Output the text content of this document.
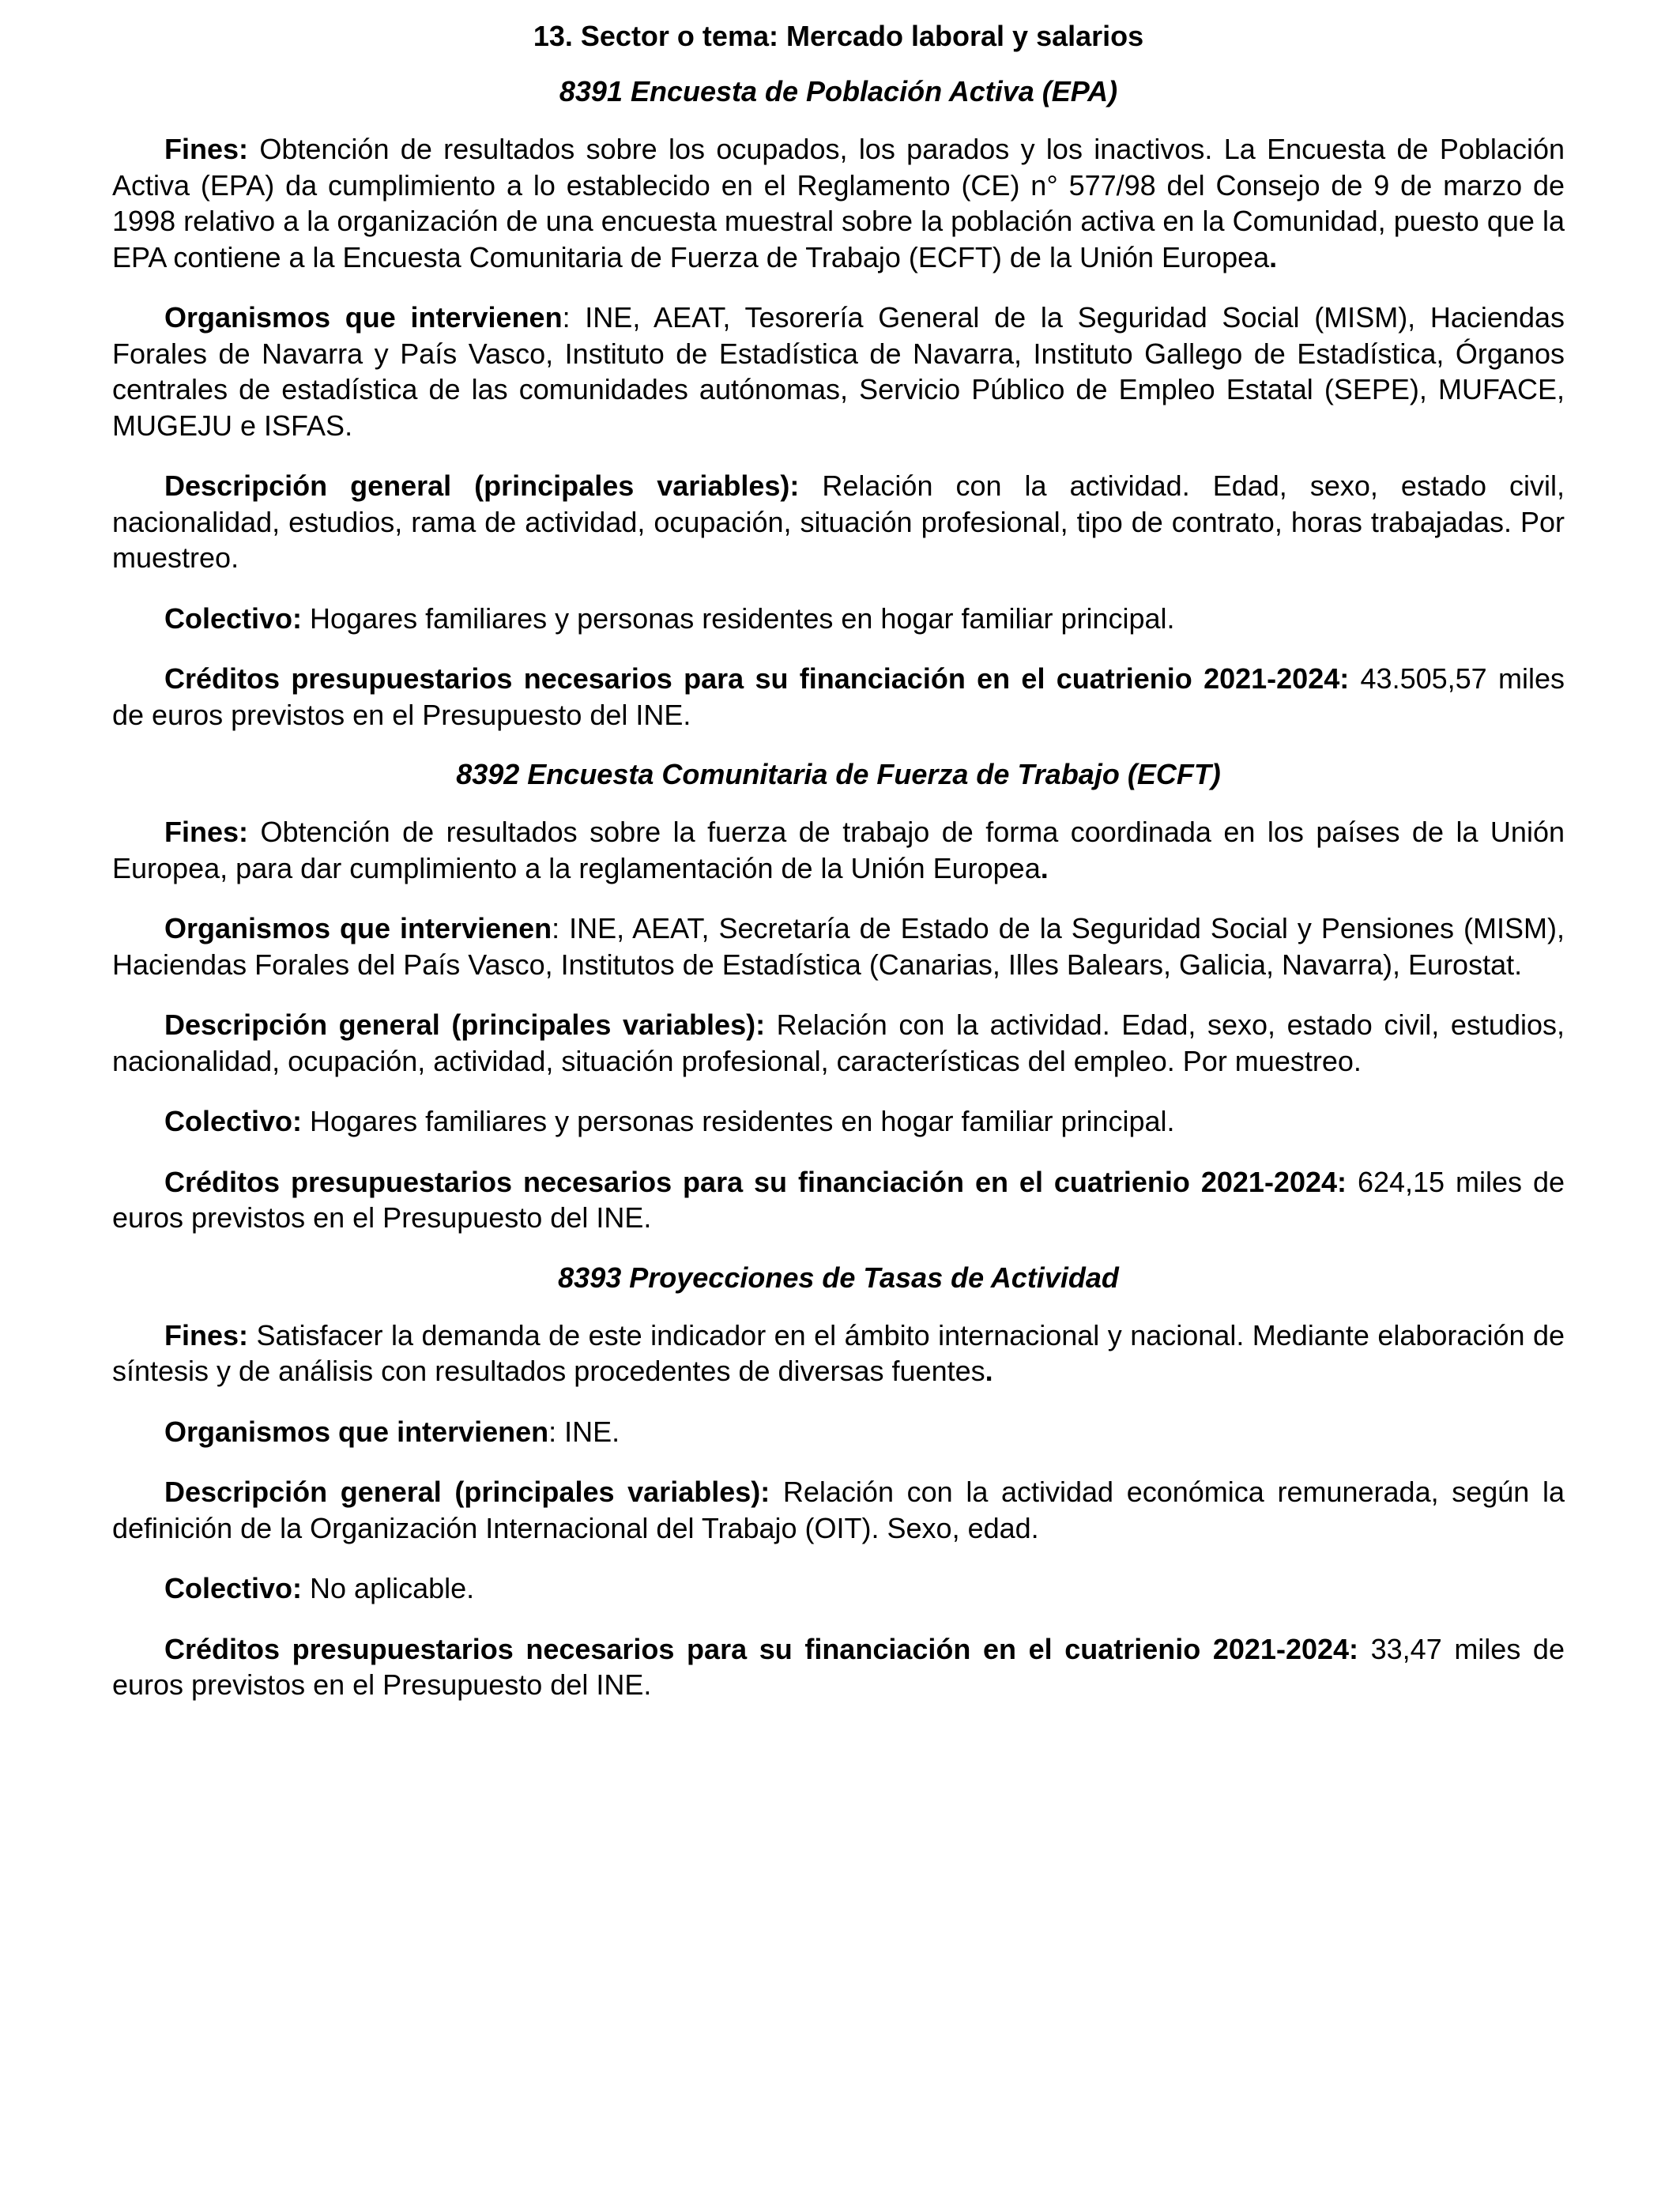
13. Sector o tema: Mercado laboral y salarios
8391 Encuesta de Población Activa (EPA)

Fines: Obtención de resultados sobre los ocupados, los parados y los inactivos. La Encuesta de Población Activa (EPA) da cumplimiento a lo establecido en el Reglamento (CE) n° 577/98 del Consejo de 9 de marzo de 1998 relativo a la organización de una encuesta muestral sobre la población activa en la Comunidad, puesto que la EPA contiene a la Encuesta Comunitaria de Fuerza de Trabajo (ECFT) de la Unión Europea.

Organismos que intervienen: INE, AEAT, Tesorería General de la Seguridad Social (MISM), Haciendas Forales de Navarra y País Vasco, Instituto de Estadística de Navarra, Instituto Gallego de Estadística, Órganos centrales de estadística de las comunidades autónomas, Servicio Público de Empleo Estatal (SEPE), MUFACE, MUGEJU e ISFAS.

Descripción general (principales variables): Relación con la actividad. Edad, sexo, estado civil, nacionalidad, estudios, rama de actividad, ocupación, situación profesional, tipo de contrato, horas trabajadas. Por muestreo.

Colectivo: Hogares familiares y personas residentes en hogar familiar principal.

Créditos presupuestarios necesarios para su financiación en el cuatrienio 2021-2024: 43.505,57 miles de euros previstos en el Presupuesto del INE.

8392 Encuesta Comunitaria de Fuerza de Trabajo (ECFT)

Fines: Obtención de resultados sobre la fuerza de trabajo de forma coordinada en los países de la Unión Europea, para dar cumplimiento a la reglamentación de la Unión Europea.

Organismos que intervienen: INE, AEAT, Secretaría de Estado de la Seguridad Social y Pensiones (MISM), Haciendas Forales del País Vasco, Institutos de Estadística (Canarias, Illes Balears, Galicia, Navarra), Eurostat.

Descripción general (principales variables): Relación con la actividad. Edad, sexo, estado civil, estudios, nacionalidad, ocupación, actividad, situación profesional, características del empleo. Por muestreo.

Colectivo: Hogares familiares y personas residentes en hogar familiar principal.

Créditos presupuestarios necesarios para su financiación en el cuatrienio 2021-2024: 624,15 miles de euros previstos en el Presupuesto del INE.

8393 Proyecciones de Tasas de Actividad

Fines: Satisfacer la demanda de este indicador en el ámbito internacional y nacional. Mediante elaboración de síntesis y de análisis con resultados procedentes de diversas fuentes.

Organismos que intervienen: INE.

Descripción general (principales variables): Relación con la actividad económica remunerada, según la definición de la Organización Internacional del Trabajo (OIT). Sexo, edad.

Colectivo: No aplicable.

Créditos presupuestarios necesarios para su financiación en el cuatrienio 2021-2024: 33,47 miles de euros previstos en el Presupuesto del INE.
